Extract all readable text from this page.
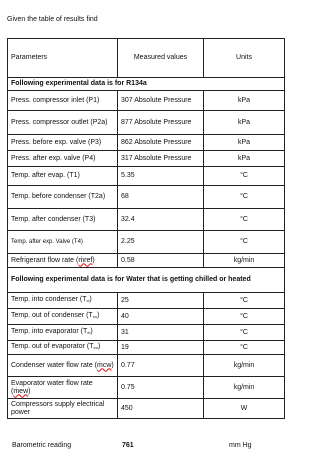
Given the table of results find
Parameters	Measured values	Units
Following experimental data is for R134a		
Press. compressor inlet (P1)	307 Absolute Pressure	kPa
Press. compressor outlet (P2a)	877 Absolute Pressure	kPa
Press. before exp. valve (P3)	862 Absolute Pressure	kPa
Press. after exp. valve (P4)	317 Absolute Pressure	kPa
Temp. after evap. (T1)	5.35	°C
Temp. before condenser (T2a)	68	°C
Temp. after condenser (T3)	32.4	°C
Temp. after exp. Valve (T4)	2.25	°C
Refrigerant flow rate (ṁref)	0.58	kg/min
Following experimental data is for Water that is getting chilled or heated		
Temp. into condenser $(T_{ci})$	25	°C
Temp. out of condenser $(T_{co})$	40	°C
Temp. into evaporator $(T_{ei})$	31	°C
Temp. out of evaporator $(T_{eo})$	19	°C
Condenser water flow rate (ṁcw)	0.77	kg/min
Evaporator water flow rate (ṁew)	0.75	kg/min
Compressors supply electrical power	450	W
Barometric reading	761	mm Hg
